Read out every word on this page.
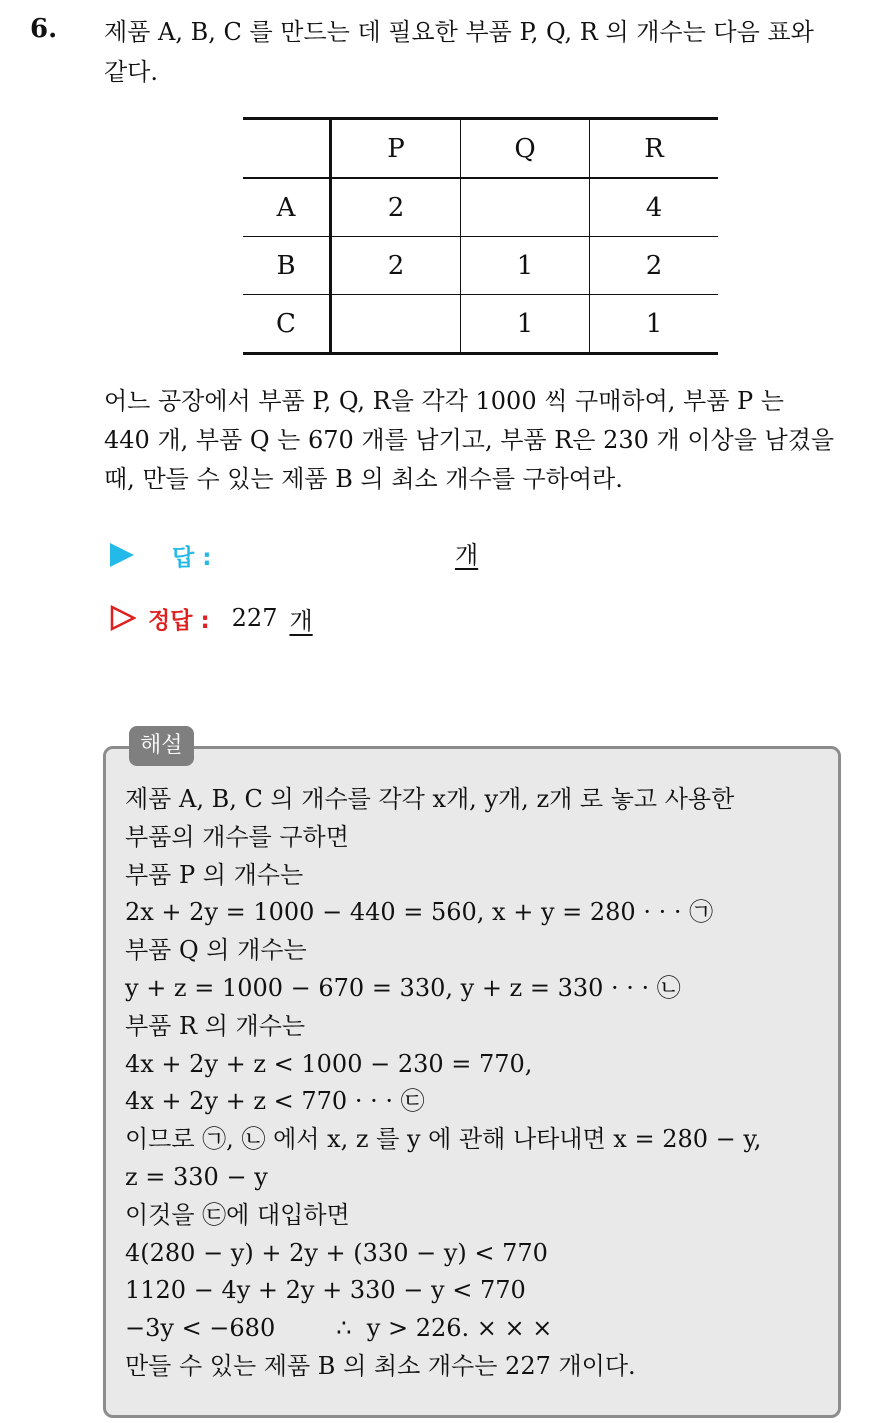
6. 제품 A, B, C 를 만드는 데 필요한 부품 P, Q, R 의 개수는 다음 표와
같다.
	P	Q	R
A	2		4
B	2	1	2
C		1	1
어느 공장에서 부품 P, Q, R을 각각 1000 씩 구매하여, 부품 P 는
440 개, 부품 Q 는 670 개를 남기고, 부품 R은 230 개 이상을 남겼을
때, 만들 수 있는 제품 B 의 최소 개수를 구하여라.
답 :	개
정답 : 227 개
해설
제품 A, B, C 의 개수를 각각 x개, y개, z개 로 놓고 사용한
부품의 개수를 구하면
부품 P 의 개수는
2x + 2y = 1000 − 440 = 560, x + y = 280 · · · ㉠
부품 Q 의 개수는
y + z = 1000 − 670 = 330, y + z = 330 · · · ㉡
부품 R 의 개수는
4x + 2y + z < 1000 − 230 = 770,
4x + 2y + z < 770 · · · ㉢
이므로 ㉠, ㉡ 에서 x, z 를 y 에 관해 나타내면 x = 280 − y,
z = 330 − y
이것을 ㉢에 대입하면
4(280 − y) + 2y + (330 − y) < 770
1120 − 4y + 2y + 330 − y < 770
−3y < −680        ∴  y > 226. × × ×
만들 수 있는 제품 B 의 최소 개수는 227 개이다.
